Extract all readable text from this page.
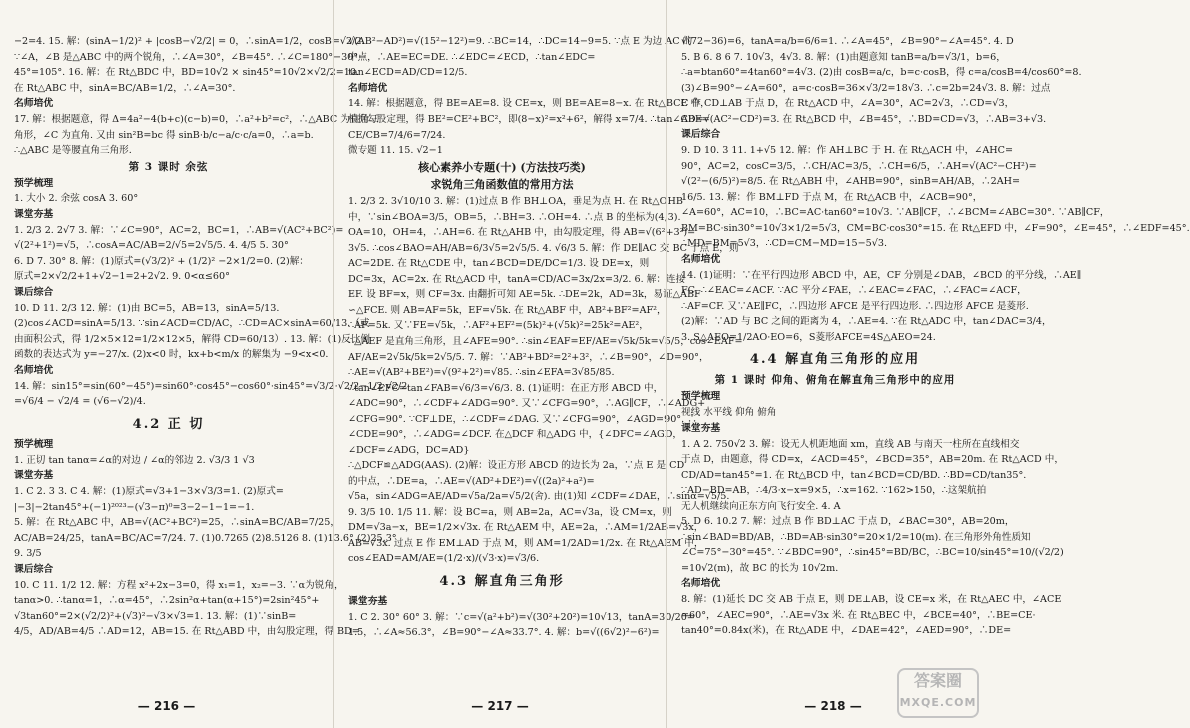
−2=4. 15. 解：(sinA−1/2)² + |cosB−√2/2| = 0，∴sinA=1/2，cosB=√2/2.
∵∠A，∠B 是△ABC 中的两个锐角，∴∠A=30°，∠B=45°. ∴∠C=180°−30°−
45°=105°. 16. 解：在 Rt△BDC 中，BD=10√2 × sin45°=10√2×√2/2=10.
在 Rt△ABC 中，sinA=BC/AB=1/2，∴∠A=30°.
名师培优
17. 解：根据题意，得 Δ=4a²−4(b+c)(c−b)=0，∴a²+b²=c²，∴△ABC 为直角三
角形，∠C 为直角. 又由 sin²B=bc 得 sinB·b/c−a/c·c/a=0，∴a=b.
∴△ABC 是等腰直角三角形.
第 3 课时 余弦
预学梳理
1. 大小 2. 余弦 cosA 3. 60°
课堂夯基
1. 2/3 2. 2√7 3. 解：∵∠C=90°，AC=2，BC=1，∴AB=√(AC²+BC²)=
√(2²+1²)=√5，∴cosA=AC/AB=2/√5=2√5/5. 4. 4/5 5. 30°
6. D 7. 30° 8. 解：(1)原式=(√3/2)² + (1/2)² −2×1/2=0. (2)解：
原式=2×√2/2+1+√2−1=2+2√2. 9. 0<α≤60°
课后综合
10. D 11. 2/3 12. 解：(1)由 BC=5，AB=13，sinA=5/13.
(2)cos∠ACD=sinA=5/13. ∵sin∠ACD=CD/AC，∴CD=AC×sinA=60/13.（或
由面积公式，得 1/2×5×12=1/2×12×5，解得 CD=60/13）. 13. 解：(1)反比例
函数的表达式为 y=−27/x. (2)x<0 时，kx+b<m/x 的解集为 −9<x<0.
名师培优
14. 解：sin15°=sin(60°−45°)=sin60°·cos45°−cos60°·sin45°=√3/2·√2/2−1/2·√2/2
=√6/4 − √2/4 = (√6−√2)/4.
4.2 正 切
预学梳理
1. 正切 tan tanα=∠α的对边 / ∠α的邻边 2. √3/3 1 √3
课堂夯基
1. C 2. 3 3. C 4. 解：(1)原式=√3+1−3×√3/3=1. (2)原式=
|−3|−2tan45°+(−1)²⁰²³−(√3−π)⁰=3−2−1−1=−1.
5. 解：在 Rt△ABC 中，AB=√(AC²+BC²)=25，∴sinA=BC/AB=7/25，
AC/AB=24/25，tanA=BC/AC=7/24. 7. (1)0.7265 (2)8.5126 8. (1)13.6° (2)25.3°
9. 3/5
课后综合
10. C 11. 1/2 12. 解：方程 x²+2x−3=0，得 x₁=1，x₂=−3. ∵α为锐角，
tanα>0. ∴tanα=1，∴α=45°，∴2sin²α+tan(α+15°)=2sin²45°+
√3tan60°=2×(√2/2)²+(√3)²−√3×√3=1. 13. 解：(1)∵sinB=
4/5，AD/AB=4/5 ∴AD=12，AB=15. 在 Rt△ABD 中，由勾股定理，得 BD=
— 216 —
√(AB²−AD²)=√(15²−12²)=9. ∴BC=14，∴DC=14−9=5. ∵点 E 为边 AC 的
中点，∴AE=EC=DE. ∴∠EDC=∠ECD，∴tan∠EDC=
tan∠ECD=AD/CD=12/5.
名师培优
14. 解：根据题意，得 BE=AE=8. 设 CE=x，则 BE=AE=8−x. 在 Rt△BCE 中，
根据勾股定理，得 BE²=CE²+BC²，即(8−x)²=x²+6²，解得 x=7/4. ∴tan∠CBE=
CE/CB=7/4/6=7/24.
微专题 11. 15. √2−1
核心素养小专题(十) (方法技巧类)
求锐角三角函数值的常用方法
1. 2/3 2. 3√10/10 3. 解：(1)过点 B 作 BH⊥OA，垂足为点 H. 在 Rt△OHB
中，∵sin∠BOA=3/5，OB=5，∴BH=3. ∴OH=4. ∴点 B 的坐标为(4,3).
OA=10，OH=4，∴AH=6. 在 Rt△AHB 中，由勾股定理，得 AB=√(6²+3²)=
3√5. ∴cos∠BAO=AH/AB=6/3√5=2√5/5. 4. √6/3 5. 解：作 DE∥AC 交 BC 于点 E，则
AC=2DE. 在 Rt△CDE 中，tan∠BCD=DE/DC=1/3. 设 DE=x，则
DC=3x，AC=2x. 在 Rt△ACD 中，tanA=CD/AC=3x/2x=3/2. 6. 解：连接
EF. 设 BF=x，则 CF=3x. 由翻折可知 AE=5k. ∴DE=2k，AD=3k，易证△ABF
∽△FCE. 则 AB=AF=5k，EF=√5k. 在 Rt△ABF 中，AB²+BF²=AF²，
∴AF=5k. 又∵FE=√5k，∴AF²+EF²=(5k)²+(√5k)²=25k²=AE²，
∴△AEF 是直角三角形，且∠AFE=90°. ∴sin∠EAF=EF/AE=√5k/5k=√5/5，cos∠EAF=
AF/AE=2√5k/5k=2√5/5. 7. 解：∵AB²+BD²=2²+3²，∴∠B=90°，∠D=90°，
∴AE=√(AB²+BE²)=√(9²+2²)=√85. ∴sin∠EFA=3√85/85.
∴tan∠EFC=tan∠FAB=√6/3=√6/3. 8. (1)证明：在正方形 ABCD 中，
∠ADC=90°，∴∠CDF+∠ADG=90°. 又∵∠CFG=90°，∴AG∥CF，∴∠ADG+
∠CFG=90°. ∵CF⊥DE，∴∠CDF=∠DAG. 又∵∠CFG=90°，∠AGD=90°. ∴
∠CDE=90°，∴∠ADG=∠DCF. 在△DCF 和△ADG 中，{∠DFC=∠AGD，
∠DCF=∠ADG，DC=AD}
∴△DCF≌△ADG(AAS). (2)解：设正方形 ABCD 的边长为 2a，∵点 E 是 CD
的中点，∴DE=a，∴AE=√(AD²+DE²)=√((2a)²+a²)=
√5a，sin∠ADG=AE/AD=√5a/2a=√5/2(舍). 由(1)知 ∠CDF=∠DAE，∴sinα=√5/5.
9. 3/5 10. 1/5 11. 解：设 BC=a，则 AB=2a，AC=√3a，设 CM=x，则
DM=√3a−x，BE=1/2×√3x. 在 Rt△AEM 中，AE=2a，∴AM=1/2AB=√3x，
AB=√3x. 过点 E 作 EM⊥AD 于点 M，则 AM=1/2AD=1/2x. 在 Rt△AEM 中，
cos∠EAD=AM/AE=(1/2·x)/(√3·x)=√3/6.
4.3 解直角三角形
课堂夯基
1. C 2. 30° 60° 3. 解：∵c=√(a²+b²)=√(30²+20²)=10√13，tanA=30/20=
1.5，∴∠A≈56.3°，∠B=90°−∠A≈33.7°. 4. 解：b=√((6√2)²−6²)=
— 217 —
√(72−36)=6，tanA=a/b=6/6=1. ∴∠A=45°，∠B=90°−∠A=45°. 4. D
5. B 6. 8 6 7. 10√3，4√3. 8. 解：(1)由题意知 tanB=a/b=√3/1，b=6，
∴a=btan60°=4tan60°=4√3. (2)由 cosB=a/c，b=c·cosB，得 c=a/cosB=4/cos60°=8.
(3)∠B=90°−∠A=60°，a=c·cosB=36×√3/2=18√3. ∴c=2b=24√3. 8. 解：过点
C 作 CD⊥AB 于点 D，在 Rt△ACD 中，∠A=30°，AC=2√3，∴CD=√3，
AD=√(AC²−CD²)=3. 在 Rt△BCD 中，∠B=45°，∴BD=CD=√3，∴AB=3+√3.
课后综合
9. D 10. 3 11. 1+√5 12. 解：作 AH⊥BC 于 H. 在 Rt△ACH 中，∠AHC=
90°，AC=2，cosC=3/5，∴CH/AC=3/5，∴CH=6/5，∴AH=√(AC²−CH²)=
√(2²−(6/5)²)=8/5. 在 Rt△ABH 中，∠AHB=90°，sinB=AH/AB，∴2AH=
16/5. 13. 解：作 BM⊥FD 于点 M，在 Rt△ACB 中，∠ACB=90°，
∠A=60°，AC=10，∴BC=AC·tan60°=10√3. ∵AB∥CF，∴∠BCM=∠ABC=30°. ∵AB∥CF，
BM=BC·sin30°=10√3×1/2=5√3，CM=BC·cos30°=15. 在 Rt△EFD 中，∠F=90°，∠E=45°，∴∠EDF=45°.
∴MD=BM=5√3，∴CD=CM−MD=15−5√3.
名师培优
14. (1)证明：∵在平行四边形 ABCD 中，AE，CF 分别是∠DAB，∠BCD 的平分线，∴AE∥
FC. ∴∠EAC=∠ACF. ∵AC 平分∠FAE，∴∠EAC=∠FAC，∴∠FAC=∠ACF，
∴AF=CF. 又∵AE∥FC，∴四边形 AFCE 是平行四边形. ∴四边形 AFCE 是菱形.
(2)解：∵AD 与 BC 之间的距离为 4，∴AE=4. ∵在 Rt△ADC 中，tan∠DAC=3/4，
3. S△AEO=1/2AO·EO=6，S菱形AFCE=4S△AEO=24.
4.4 解直角三角形的应用
第 1 课时 仰角、俯角在解直角三角形中的应用
预学梳理
视线 水平线 仰角 俯角
课堂夯基
1. A 2. 750√2 3. 解：设无人机距地面 xm，直线 AB 与南天一柱所在直线相交
于点 D，由题意，得 CD=x，∠ACD=45°，∠BCD=35°，AB=20m. 在 Rt△ACD 中，
CD/AD=tan45°=1. 在 Rt△BCD 中，tan∠BCD=CD/BD. ∴BD=CD/tan35°.
∵AD−BD=AB，∴4/3·x−x=9×5，∴x=162. ∵162>150，∴这架航拍
无人机继续向正东方向飞行安全. 4. A
5. D 6. 10.2 7. 解：过点 B 作 BD⊥AC 于点 D，∠BAC=30°，AB=20m，
∴sin∠BAD=BD/AB，∴BD=AB·sin30°=20×1/2=10(m). 在三角形外角性质知
∠C=75°−30°=45°. ∵∠BDC=90°，∴sin45°=BD/BC，∴BC=10/sin45°=10/(√2/2)
=10√2(m)，故 BC 的长为 10√2m.
名师培优
8. 解：(1)延长 DC 交 AB 于点 E，则 DE⊥AB，设 CE=x 米，在 Rt△AEC 中，∠ACE
=60°，∠AEC=90°，∴AE=√3x 米. 在 Rt△BEC 中，∠BCE=40°，∴BE=CE·
tan40°=0.84x(米)，在 Rt△ADE 中，∠DAE=42°，∠AED=90°，∴DE=
— 218 —
答案圈
MXQE.COM
